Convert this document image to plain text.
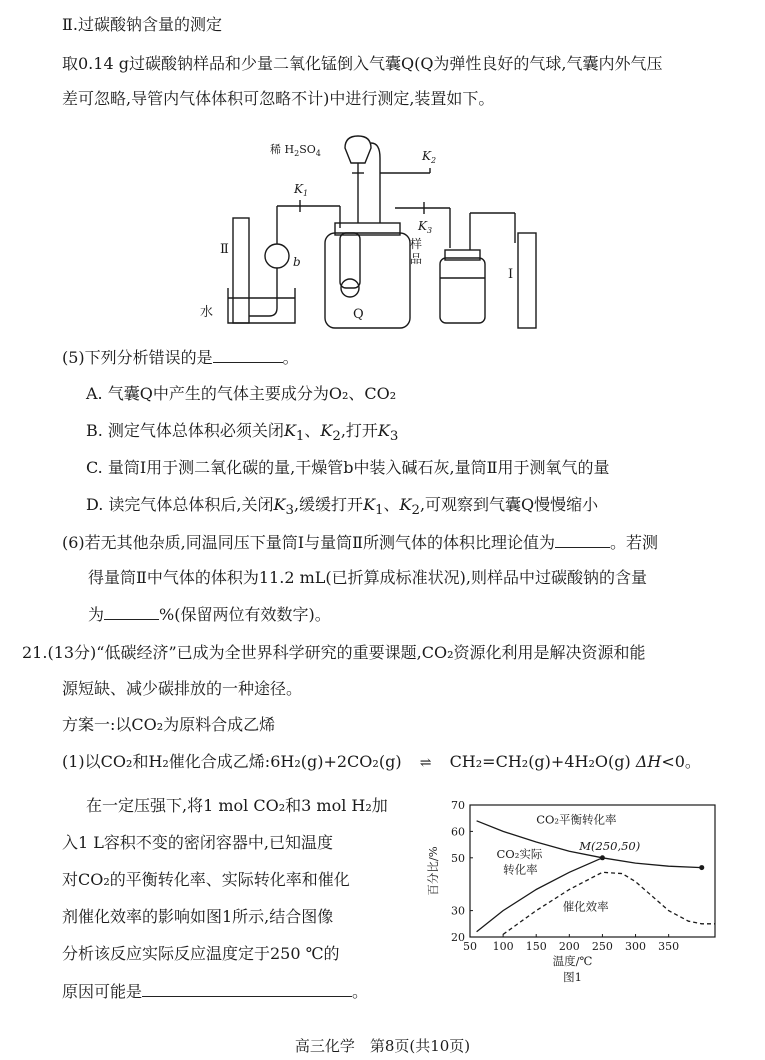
Ⅱ.过碳酸钠含量的测定
取0.14 g过碳酸钠样品和少量二氧化锰倒入气囊Q(Q为弹性良好的气球,气囊内外气压
差可忽略,导管内气体体积可忽略不计)中进行测定,装置如下。
稀 $H_2SO_4$
$K_1$
$K_2$
$K_3$
Ⅱ
b
样
品
Q
Ⅰ
水
(5)下列分析错误的是	。
A. 气囊Q中产生的气体主要成分为O₂、CO₂
B. 测定气体总体积必须关闭$K_1$、$K_2$,打开$K_3$
C. 量筒Ⅰ用于测二氧化碳的量,干燥管b中装入碱石灰,量筒Ⅱ用于测氧气的量
D. 读完气体总体积后,关闭$K_3$,缓缓打开$K_1$、$K_2$,可观察到气囊Q慢慢缩小
(6)若无其他杂质,同温同压下量筒Ⅰ与量筒Ⅱ所测气体的体积比理论值为	。若测
得量筒Ⅱ中气体的体积为11.2 mL(已折算成标准状况),则样品中过碳酸钠的含量
为	%(保留两位有效数字)。
21.(13分)“低碳经济”已成为全世界科学研究的重要课题,CO₂资源化利用是解决资源和能
源短缺、减少碳排放的一种途径。
方案一:以CO₂为原料合成乙烯
(1)以CO₂和H₂催化合成乙烯:6H₂(g)+2CO₂(g) ⇌ CH₂=CH₂(g)+4H₂O(g) ΔH<0。
在一定压强下,将1 mol CO₂和3 mol H₂加
入1 L容积不变的密闭容器中,已知温度
对CO₂的平衡转化率、实际转化率和催化
剂催化效率的影响如图1所示,结合图像
分析该反应实际反应温度定于250 ℃的
原因可能是	。
50 100 150 200 250 300 350
20
30
50
60
70
CO₂平衡转化率
CO₂实际
转化率
催化效率
M(250,50)
百分比/%
温度/℃
图1
高三化学　第8页(共10页)
